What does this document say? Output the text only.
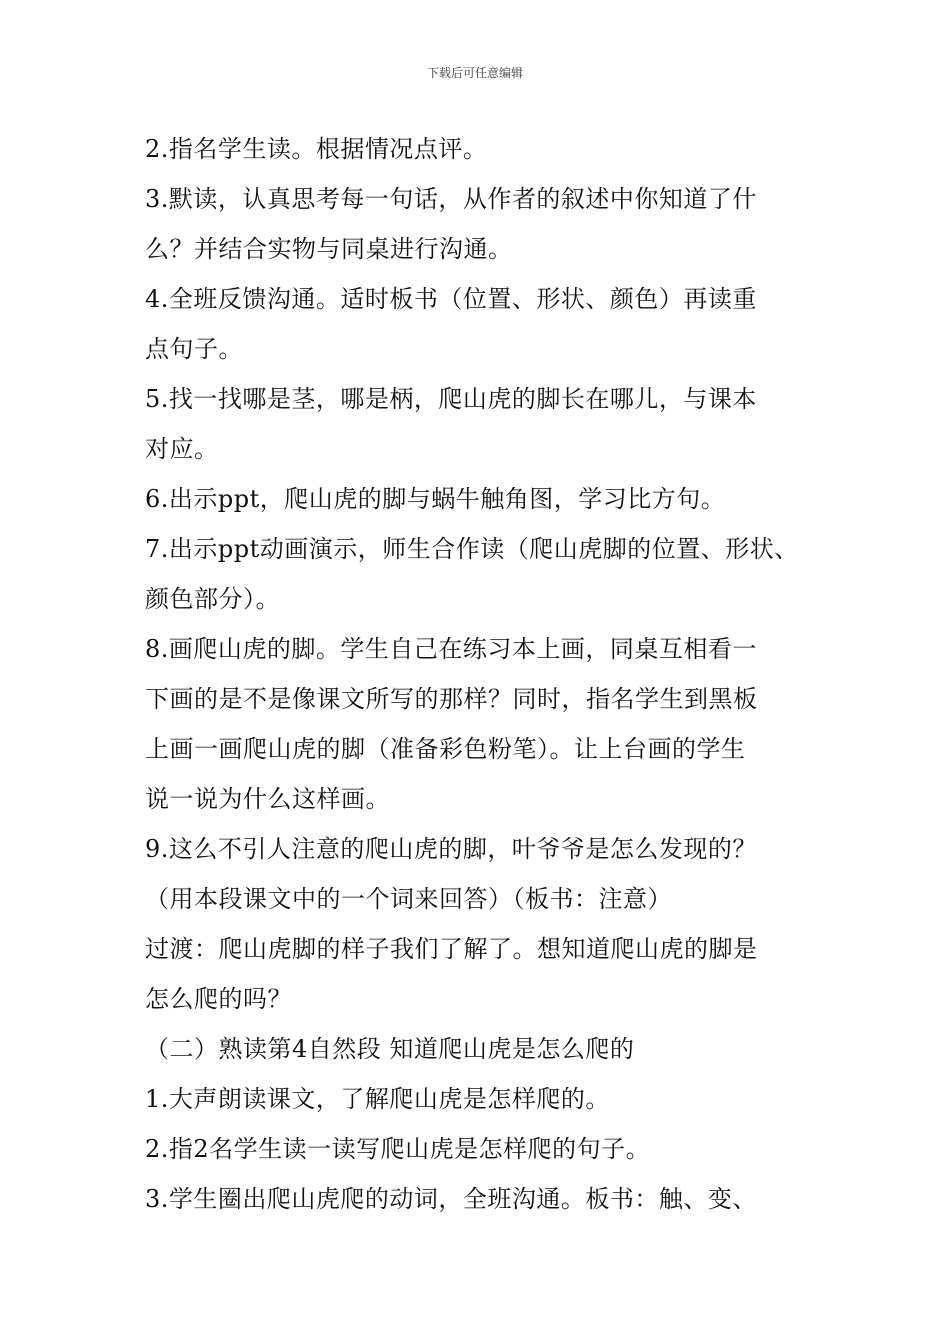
下载后可任意编辑
2.指名学生读。根据情况点评。
3.默读，认真思考每一句话，从作者的叙述中你知道了什
么？并结合实物与同桌进行沟通。
4.全班反馈沟通。适时板书（位置、形状、颜色）再读重
点句子。
5.找一找哪是茎，哪是柄，爬山虎的脚长在哪儿，与课本
对应。
6.出示ppt，爬山虎的脚与蜗牛触角图，学习比方句。
7.出示ppt动画演示，师生合作读（爬山虎脚的位置、形状、
颜色部分）。
8.画爬山虎的脚。学生自己在练习本上画，同桌互相看一
下画的是不是像课文所写的那样？同时，指名学生到黑板
上画一画爬山虎的脚（准备彩色粉笔）。让上台画的学生
说一说为什么这样画。
9.这么不引人注意的爬山虎的脚，叶爷爷是怎么发现的？
（用本段课文中的一个词来回答）（板书：注意）
过渡：爬山虎脚的样子我们了解了。想知道爬山虎的脚是
怎么爬的吗？
（二）熟读第4自然段 知道爬山虎是怎么爬的
1.大声朗读课文，了解爬山虎是怎样爬的。
2.指2名学生读一读写爬山虎是怎样爬的句子。
3.学生圈出爬山虎爬的动词，全班沟通。板书：触、变、
